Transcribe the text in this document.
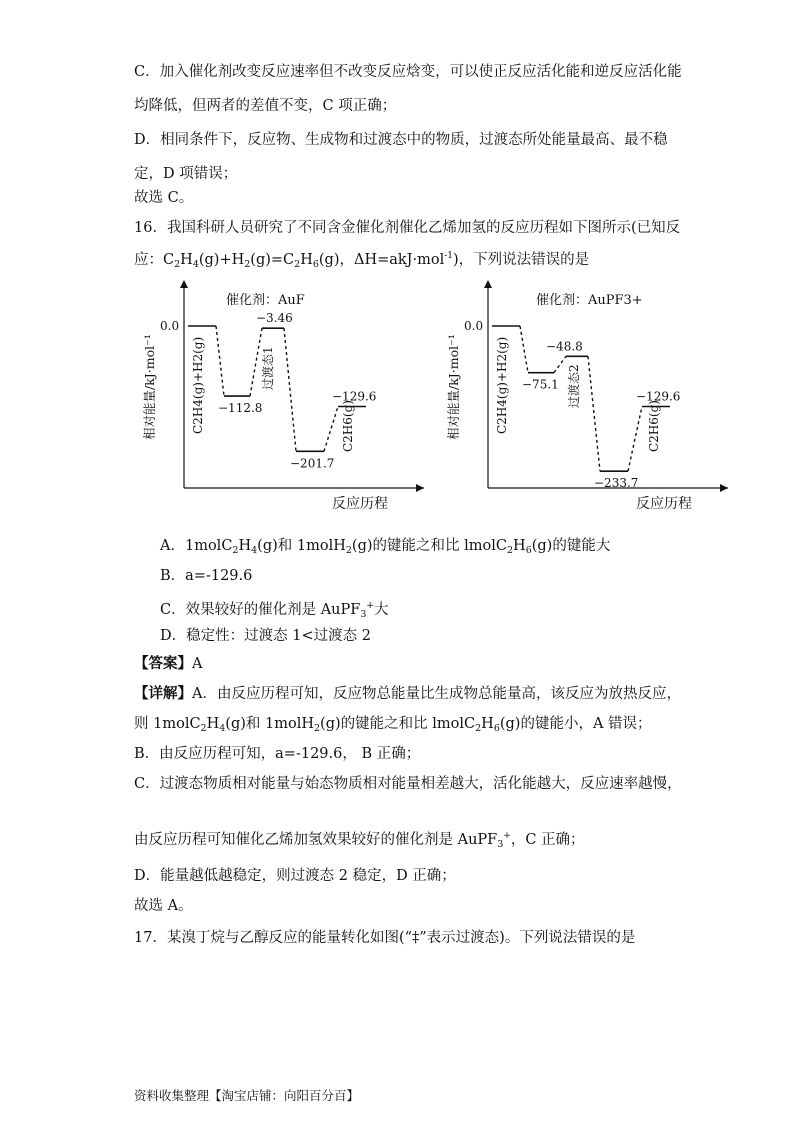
C．加入催化剂改变反应速率但不改变反应焓变，可以使正反应活化能和逆反应活化能
均降低，但两者的差值不变，C 项正确；
D．相同条件下，反应物、生成物和过渡态中的物质，过渡态所处能量最高、最不稳
定，D 项错误；
故选 C。
16．我国科研人员研究了不同含金催化剂催化乙烯加氢的反应历程如下图所示(已知反
应：$C_2H_4(g)+H_2(g)=C_2H_6(g)$，ΔH=akJ·mol$^{-1}$)，下列说法错误的是
催化剂：AuF
相对能量/kJ·mol⁻¹
反应历程
0.0
−112.8
−3.46
−201.7
−129.6
C2H4(g)+H2(g)	过渡态1
C2H6(g)
催化剂：AuPF3+
相对能量/kJ·mol⁻¹
反应历程
0.0
−75.1
−48.8
−233.7
−129.6
C2H4(g)+H2(g)	过渡态2
C2H6(g)
A．$1molC_2H_4(g)$和 1molH$_2$(g)的键能之和比 $lmolC_2H_6(g)$的键能大
B．a=-129.6
C．效果较好的催化剂是 AuPF$_3$+大
D．稳定性：过渡态 1<过渡态 2
【答案】A
【详解】A．由反应历程可知，反应物总能量比生成物总能量高，该反应为放热反应，
则 $1molC_2H_4(g)$和 1molH$_2$(g)的键能之和比 $lmolC_2H_6(g)$的键能小，A 错误；
B．由反应历程可知，a=-129.6， B 正确；
C．过渡态物质相对能量与始态物质相对能量相差越大，活化能越大，反应速率越慢，
由反应历程可知催化乙烯加氢效果较好的催化剂是 AuPF$_3$+，C 正确；
D．能量越低越稳定，则过渡态 2 稳定，D 正确；
故选 A。
17．某溴丁烷与乙醇反应的能量转化如图(“‡”表示过渡态)。下列说法错误的是
资料收集整理【淘宝店铺：向阳百分百】
